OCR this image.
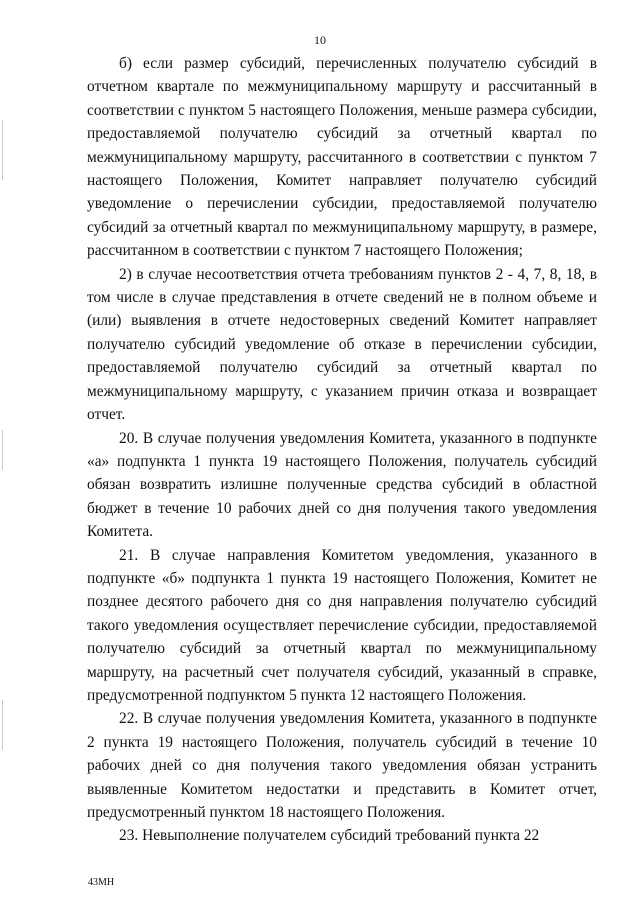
10

б) если размер субсидий, перечисленных получателю субсидий в отчетном квартале по межмуниципальному маршруту и рассчитанный в соответствии с пунктом 5 настоящего Положения, меньше размера субсидии, предоставляемой получателю субсидий за отчетный квартал по межмуниципальному маршруту, рассчитанного в соответствии с пунктом 7 настоящего Положения, Комитет направляет получателю субсидий уведомление о перечислении субсидии, предоставляемой получателю субсидий за отчетный квартал по межмуниципальному маршруту, в размере, рассчитанном в соответствии с пунктом 7 настоящего Положения;

2) в случае несоответствия отчета требованиям пунктов 2 - 4, 7, 8, 18, в том числе в случае представления в отчете сведений не в полном объеме и (или) выявления в отчете недостоверных сведений Комитет направляет получателю субсидий уведомление об отказе в перечислении субсидии, предоставляемой получателю субсидий за отчетный квартал по межмуниципальному маршруту, с указанием причин отказа и возвращает отчет.

20. В случае получения уведомления Комитета, указанного в подпункте «а» подпункта 1 пункта 19 настоящего Положения, получатель субсидий обязан возвратить излишне полученные средства субсидий в областной бюджет в течение 10 рабочих дней со дня получения такого уведомления Комитета.

21. В случае направления Комитетом уведомления, указанного в подпункте «б» подпункта 1 пункта 19 настоящего Положения, Комитет не позднее десятого рабочего дня со дня направления получателю субсидий такого уведомления осуществляет перечисление субсидии, предоставляемой получателю субсидий за отчетный квартал по межмуниципальному маршруту, на расчетный счет получателя субсидий, указанный в справке, предусмотренной подпунктом 5 пункта 12 настоящего Положения.

22. В случае получения уведомления Комитета, указанного в подпункте 2 пункта 19 настоящего Положения, получатель субсидий в течение 10 рабочих дней со дня получения такого уведомления обязан устранить выявленные Комитетом недостатки и представить в Комитет отчет, предусмотренный пунктом 18 настоящего Положения.

23. Невыполнение получателем субсидий требований пункта 22

43МН
